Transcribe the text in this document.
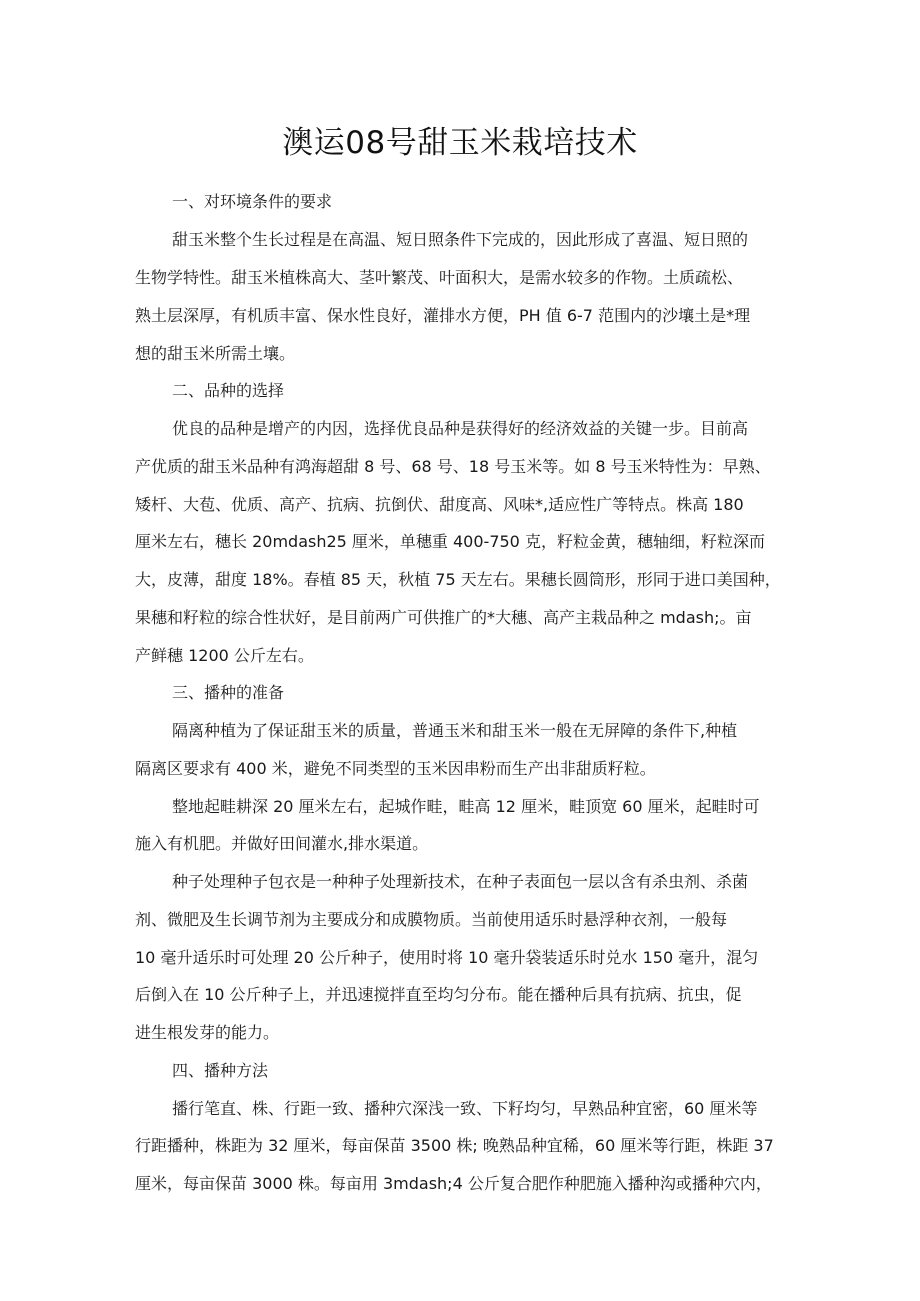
澳运08号甜玉米栽培技术

一、对环境条件的要求

甜玉米整个生长过程是在高温、短日照条件下完成的，因此形成了喜温、短日照的

生物学特性。甜玉米植株高大、茎叶繁茂、叶面积大，是需水较多的作物。土质疏松、

熟土层深厚，有机质丰富、保水性良好，灌排水方便，PH 值 6-7 范围内的沙壤土是*理

想的甜玉米所需土壤。

二、品种的选择

优良的品种是增产的内因，选择优良品种是获得好的经济效益的关键一步。目前高

产优质的甜玉米品种有鸿海超甜 8 号、68 号、18 号玉米等。如 8 号玉米特性为：早熟、

矮杆、大苞、优质、高产、抗病、抗倒伏、甜度高、风味*,适应性广等特点。株高 180

厘米左右，穗长 20mdash25 厘米，单穗重 400-750 克，籽粒金黄，穗轴细，籽粒深而

大，皮薄，甜度 18%。春植 85 天，秋植 75 天左右。果穗长圆筒形，形同于进口美国种，

果穗和籽粒的综合性状好，是目前两广可供推广的*大穗、高产主栽品种之 mdash;。亩

产鲜穗 1200 公斤左右。

三、播种的准备

隔离种植为了保证甜玉米的质量，普通玉米和甜玉米一般在无屏障的条件下,种植

隔离区要求有 400 米，避免不同类型的玉米因串粉而生产出非甜质籽粒。

整地起畦耕深 20 厘米左右，起城作畦，畦高 12 厘米，畦顶宽 60 厘米，起畦时可

施入有机肥。并做好田间灌水,排水渠道。

种子处理种子包衣是一种种子处理新技术，在种子表面包一层以含有杀虫剂、杀菌

剂、微肥及生长调节剂为主要成分和成膜物质。当前使用适乐时悬浮种衣剂，一般每

10 毫升适乐时可处理 20 公斤种子，使用时将 10 毫升袋装适乐时兑水 150 毫升，混匀

后倒入在 10 公斤种子上，并迅速搅拌直至均匀分布。能在播种后具有抗病、抗虫，促

进生根发芽的能力。

四、播种方法

播行笔直、株、行距一致、播种穴深浅一致、下籽均匀，早熟品种宜密，60 厘米等

行距播种，株距为 32 厘米，每亩保苗 3500 株; 晚熟品种宜稀，60 厘米等行距，株距 37

厘米，每亩保苗 3000 株。每亩用 3mdash;4 公斤复合肥作种肥施入播种沟或播种穴内，
